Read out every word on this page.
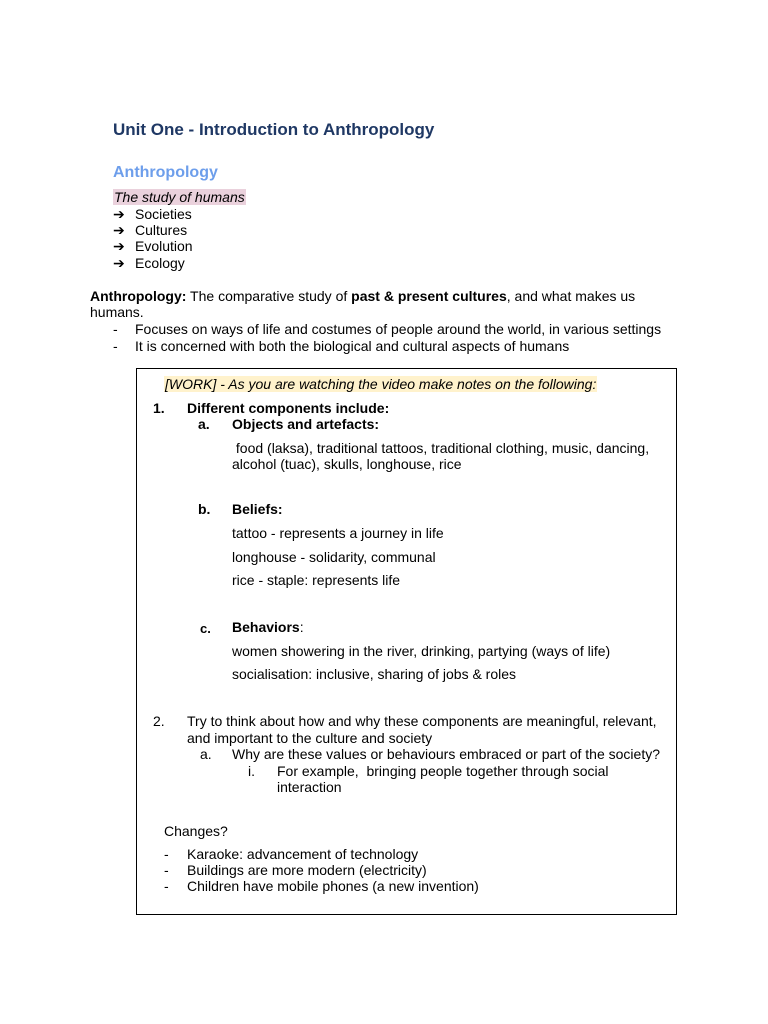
Unit One - Introduction to Anthropology
Anthropology
The study of humans
➔ Societies
➔ Cultures
➔ Evolution
➔ Ecology
Anthropology: The comparative study of past & present cultures, and what makes us
humans.
- Focuses on ways of life and costumes of people around the world, in various settings
- It is concerned with both the biological and cultural aspects of humans
[WORK] - As you are watching the video make notes on the following:
1. Different components include:
a. Objects and artefacts:
food (laksa), traditional tattoos, traditional clothing, music, dancing,
alcohol (tuac), skulls, longhouse, rice
b. Beliefs:
tattoo - represents a journey in life
longhouse - solidarity, communal
rice - staple: represents life
c. Behaviors:
women showering in the river, drinking, partying (ways of life)
socialisation: inclusive, sharing of jobs & roles
2. Try to think about how and why these components are meaningful, relevant,
and important to the culture and society
a. Why are these values or behaviours embraced or part of the society?
i. For example,  bringing people together through social
interaction
Changes?
- Karaoke: advancement of technology
- Buildings are more modern (electricity)
- Children have mobile phones (a new invention)
